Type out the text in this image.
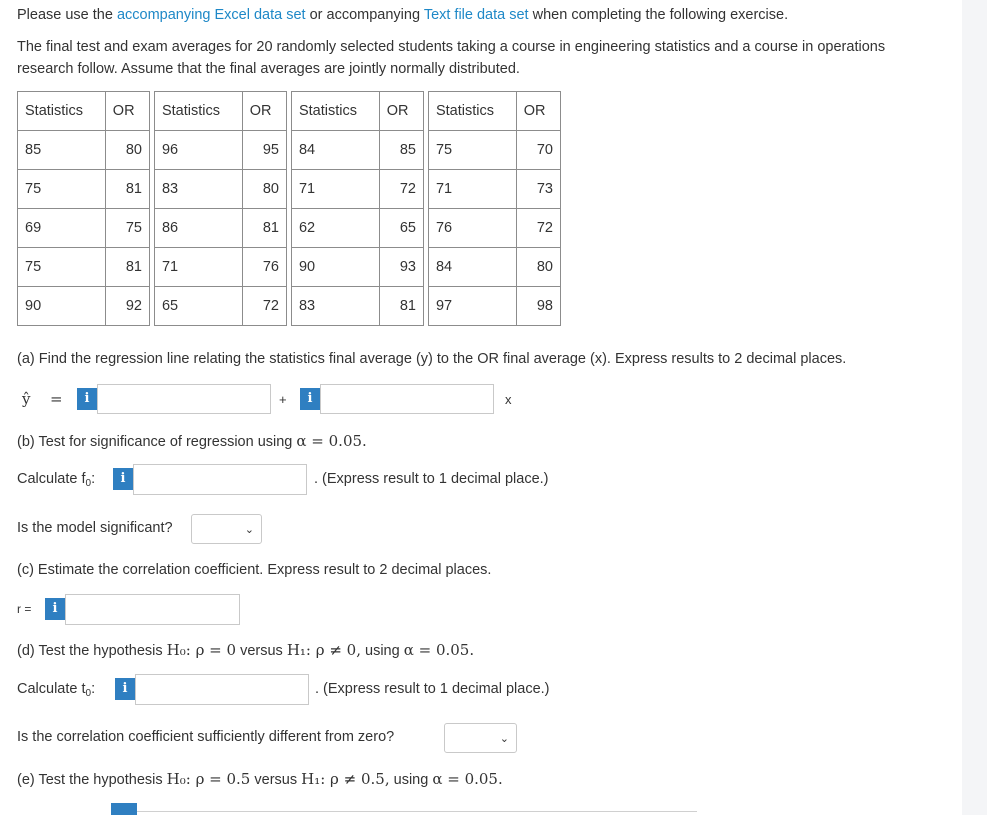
Please use the accompanying Excel data set or accompanying Text file data set when completing the following exercise.
The final test and exam averages for 20 randomly selected students taking a course in engineering statistics and a course in operations
research follow. Assume that the final averages are jointly normally distributed.
Statistics	OR		Statistics	OR		Statistics	OR		Statistics	OR
85	80		96	95		84	85		75	70
75	81		83	80		71	72		71	73
69	75		86	81		62	65		76	72
75	81		71	76		90	93		84	80
90	92		65	72		83	81		97	98
(a) Find the regression line relating the statistics final average (y) to the OR final average (x). Express results to 2 decimal places.
ŷ =	i	+	i	x
(b) Test for significance of regression using α = 0.05.
Calculate $f_0$:	i	. (Express result to 1 decimal place.)
Is the model significant?	⌄
(c) Estimate the correlation coefficient. Express result to 2 decimal places.
r =	i
(d) Test the hypothesis H₀: ρ = 0 versus H₁: ρ ≠ 0, using α = 0.05.
Calculate $t_0$:	i	. (Express result to 1 decimal place.)
Is the correlation coefficient sufficiently different from zero?	⌄
(e) Test the hypothesis H₀: ρ = 0.5 versus H₁: ρ ≠ 0.5, using α = 0.05.
